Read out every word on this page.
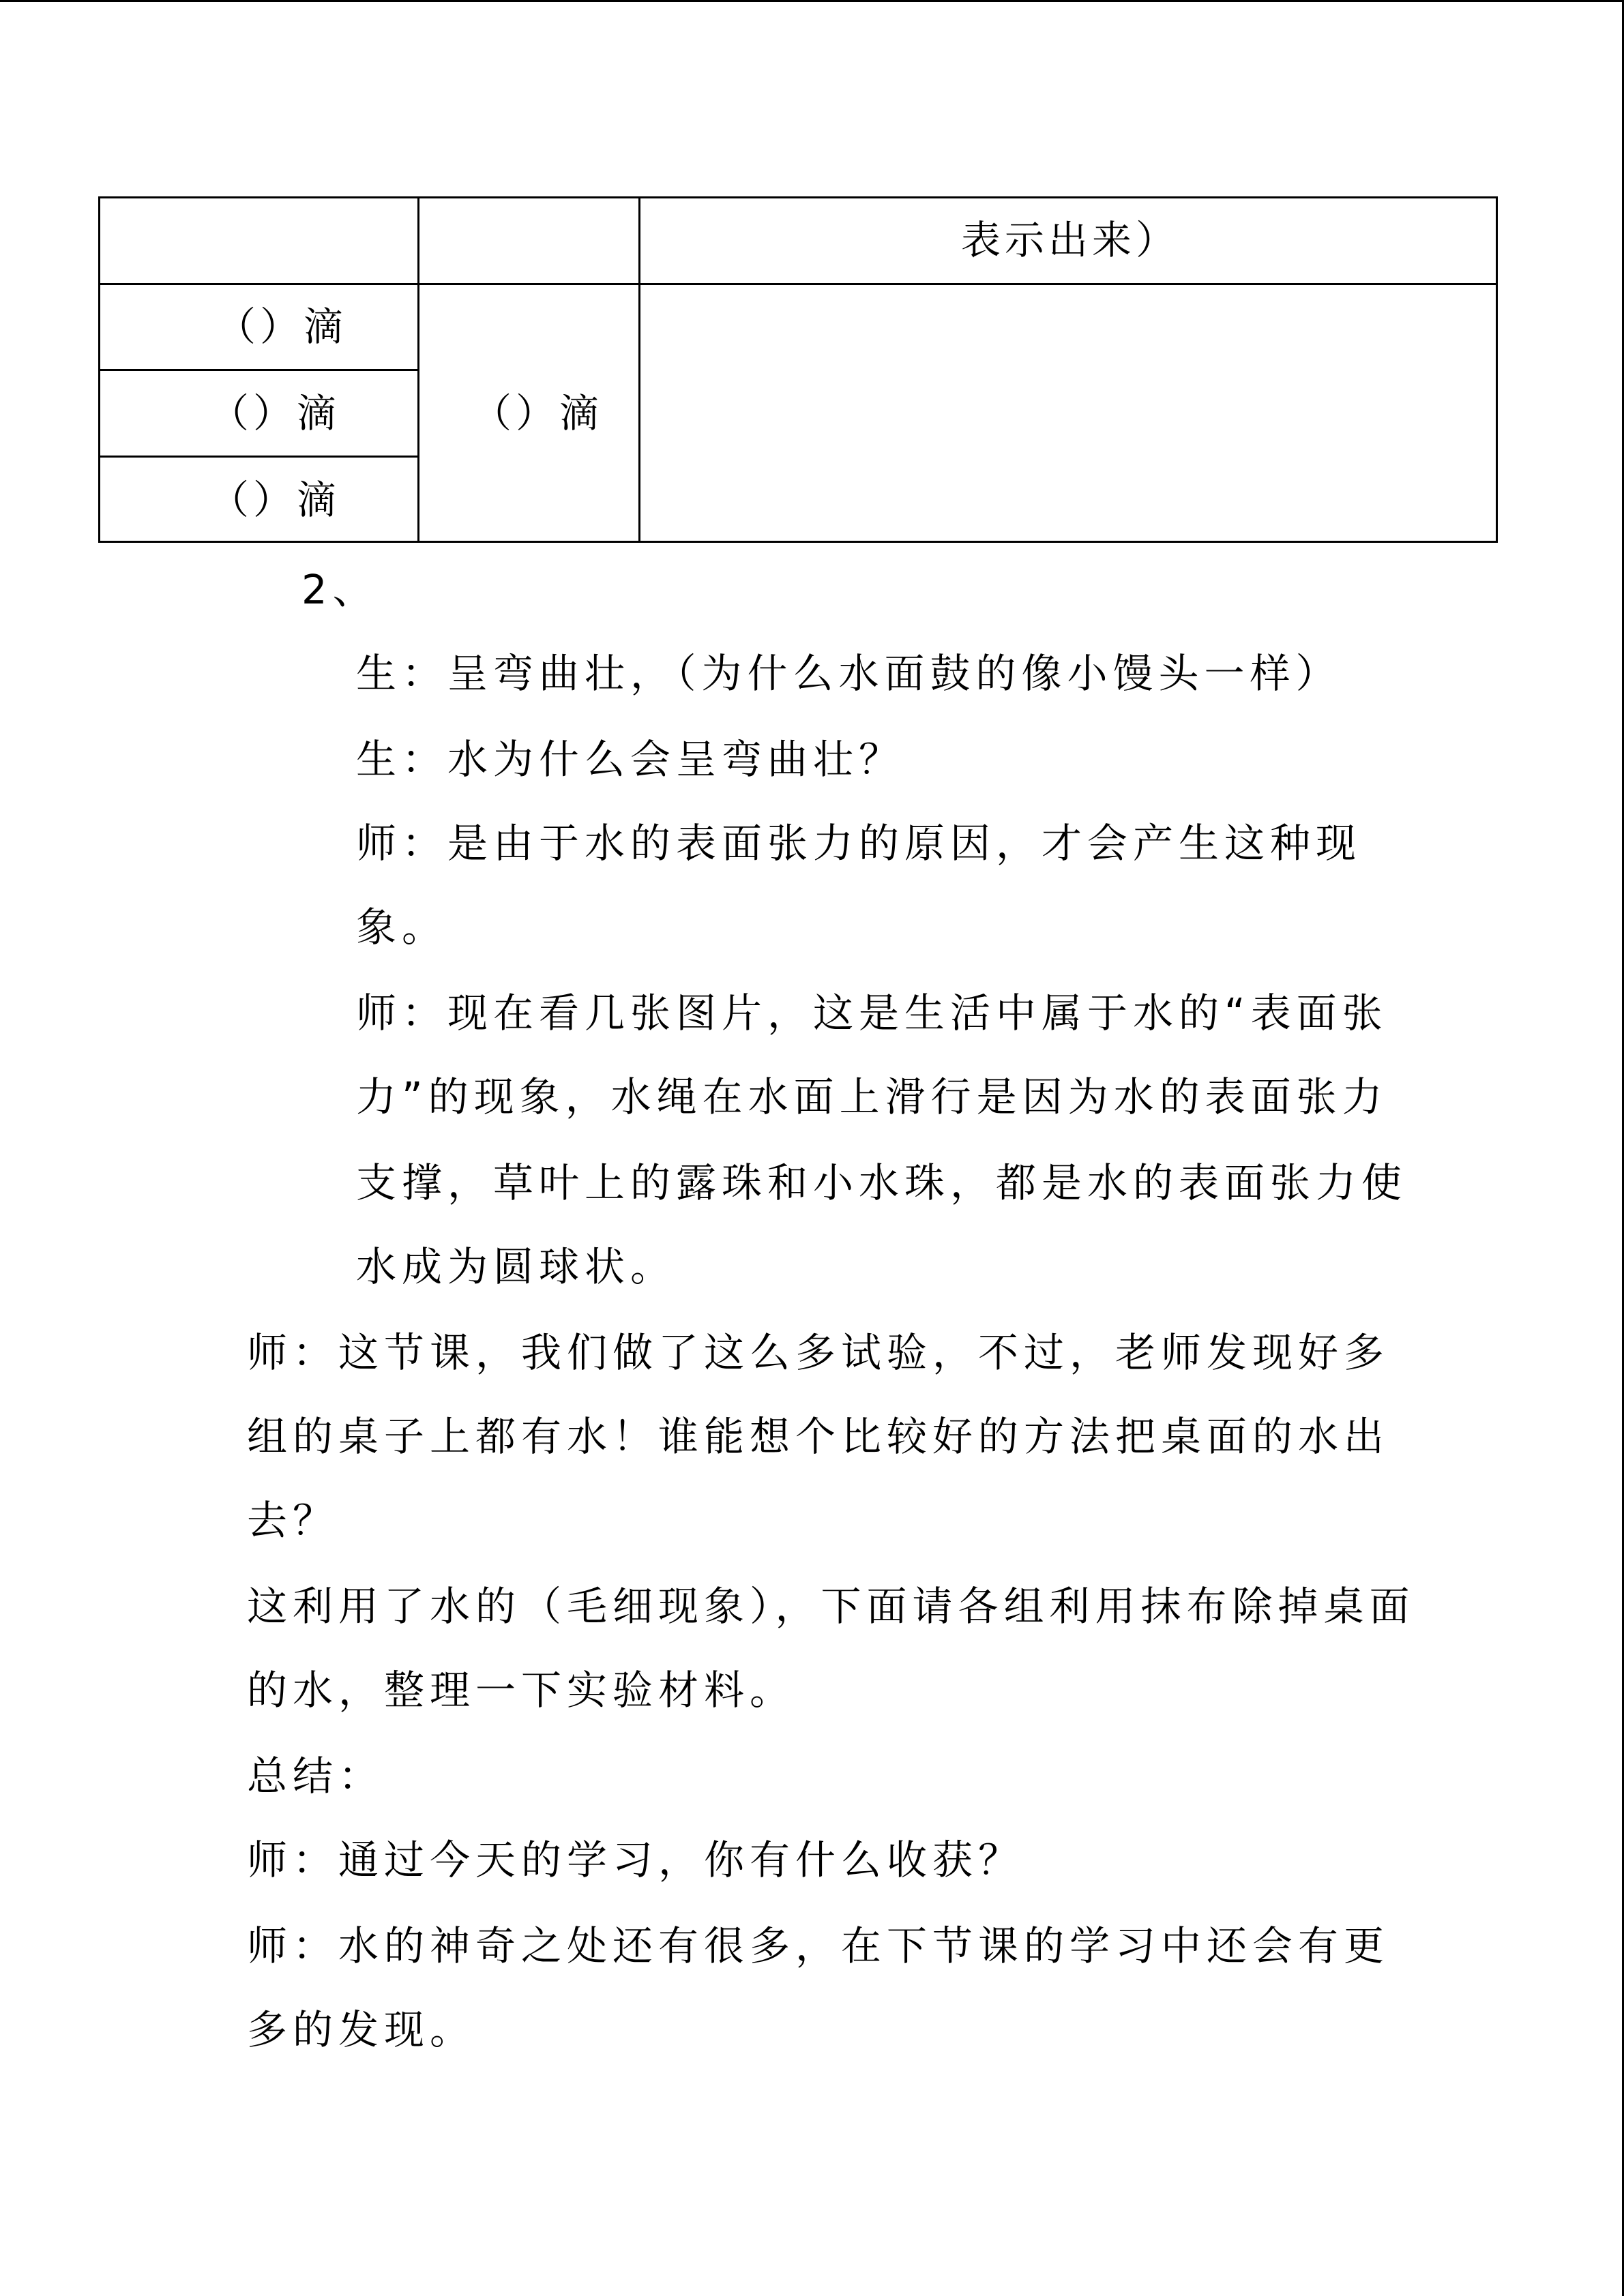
表示出来）
（）滴
（）滴
（）滴
（）滴
2、
生：呈弯曲壮，（为什么水面鼓的像小馒头一样）
生：水为什么会呈弯曲壮？
师：是由于水的表面张力的原因，才会产生这种现
象。
师：现在看几张图片，这是生活中属于水的“表面张
力”的现象，水绳在水面上滑行是因为水的表面张力
支撑，草叶上的露珠和小水珠，都是水的表面张力使
水成为圆球状。
师：这节课，我们做了这么多试验，不过，老师发现好多
组的桌子上都有水！谁能想个比较好的方法把桌面的水出
去？
这利用了水的（毛细现象），下面请各组利用抹布除掉桌面
的水，整理一下实验材料。
总结：
师：通过今天的学习，你有什么收获？
师：水的神奇之处还有很多，在下节课的学习中还会有更
多的发现。
